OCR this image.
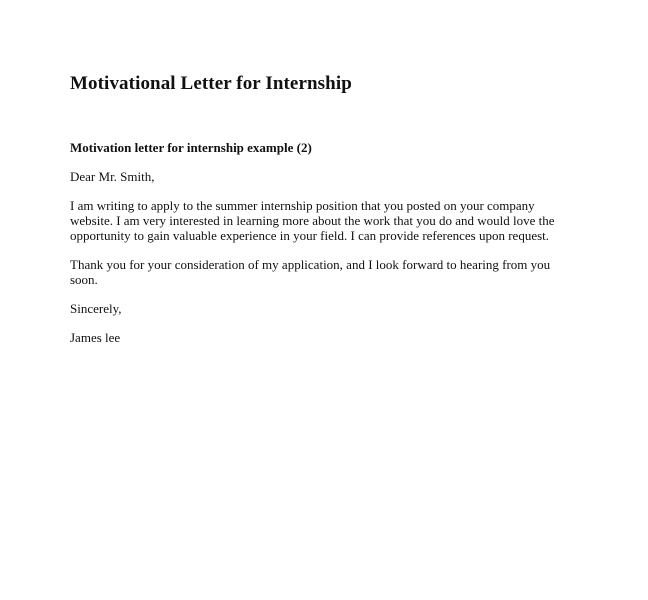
Motivational Letter for Internship
Motivation letter for internship example (2)

Dear Mr. Smith,

I am writing to apply to the summer internship position that you posted on your company website. I am very interested in learning more about the work that you do and would love the opportunity to gain valuable experience in your field. I can provide references upon request.

Thank you for your consideration of my application, and I look forward to hearing from you soon.

Sincerely,

James lee
